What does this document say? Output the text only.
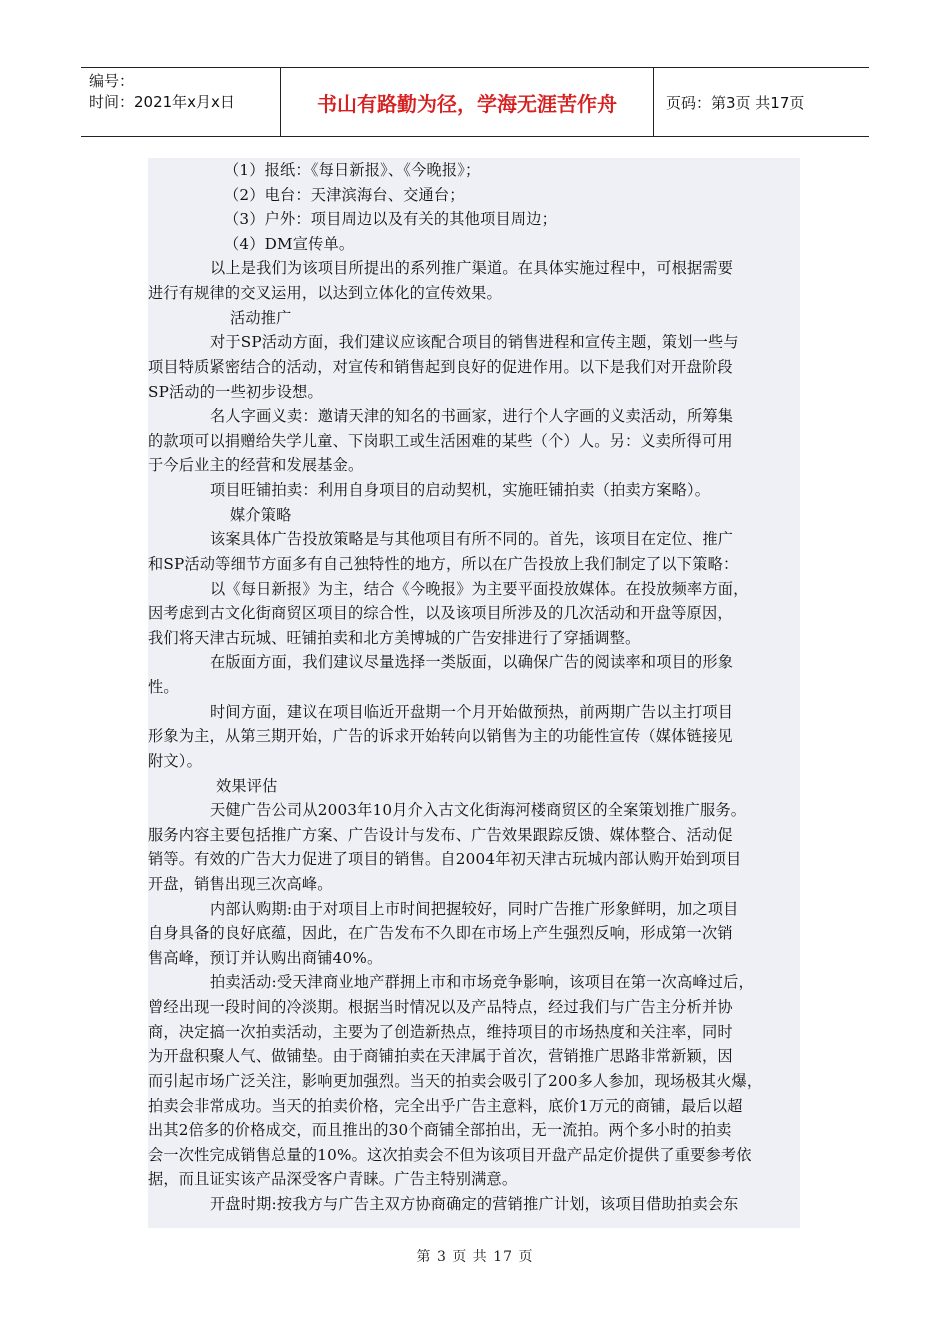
编号：
时间：2021年x月x日	书山有路勤为径，学海无涯苦作舟	页码：第3页 共17页
（1）报纸：《每日新报》、《今晚报》；
（2）电台：天津滨海台、交通台；
（3）户外：项目周边以及有关的其他项目周边；
（4）DM宣传单。
以上是我们为该项目所提出的系列推广渠道。在具体实施过程中，可根据需要
进行有规律的交叉运用，以达到立体化的宣传效果。
活动推广
对于SP活动方面，我们建议应该配合项目的销售进程和宣传主题，策划一些与
项目特质紧密结合的活动，对宣传和销售起到良好的促进作用。以下是我们对开盘阶段
SP活动的一些初步设想。
名人字画义卖：邀请天津的知名的书画家，进行个人字画的义卖活动，所筹集
的款项可以捐赠给失学儿童、下岗职工或生活困难的某些（个）人。另：义卖所得可用
于今后业主的经营和发展基金。
项目旺铺拍卖：利用自身项目的启动契机，实施旺铺拍卖（拍卖方案略）。
媒介策略
该案具体广告投放策略是与其他项目有所不同的。首先，该项目在定位、推广
和SP活动等细节方面多有自己独特性的地方，所以在广告投放上我们制定了以下策略：
以《每日新报》为主，结合《今晚报》为主要平面投放媒体。在投放频率方面，
因考虑到古文化街商贸区项目的综合性，以及该项目所涉及的几次活动和开盘等原因，
我们将天津古玩城、旺铺拍卖和北方美博城的广告安排进行了穿插调整。
在版面方面，我们建议尽量选择一类版面，以确保广告的阅读率和项目的形象
性。
时间方面，建议在项目临近开盘期一个月开始做预热，前两期广告以主打项目
形象为主，从第三期开始，广告的诉求开始转向以销售为主的功能性宣传（媒体链接见
附文）。
效果评估
天健广告公司从2003年10月介入古文化街海河楼商贸区的全案策划推广服务。
服务内容主要包括推广方案、广告设计与发布、广告效果跟踪反馈、媒体整合、活动促
销等。有效的广告大力促进了项目的销售。自2004年初天津古玩城内部认购开始到项目
开盘，销售出现三次高峰。
内部认购期:由于对项目上市时间把握较好，同时广告推广形象鲜明，加之项目
自身具备的良好底蕴，因此，在广告发布不久即在市场上产生强烈反响，形成第一次销
售高峰，预订并认购出商铺40%。
拍卖活动:受天津商业地产群拥上市和市场竞争影响，该项目在第一次高峰过后，
曾经出现一段时间的冷淡期。根据当时情况以及产品特点，经过我们与广告主分析并协
商，决定搞一次拍卖活动，主要为了创造新热点，维持项目的市场热度和关注率，同时
为开盘积聚人气、做铺垫。由于商铺拍卖在天津属于首次，营销推广思路非常新颖，因
而引起市场广泛关注，影响更加强烈。当天的拍卖会吸引了200多人参加，现场极其火爆，
拍卖会非常成功。当天的拍卖价格，完全出乎广告主意料，底价1万元的商铺，最后以超
出其2倍多的价格成交，而且推出的30个商铺全部拍出，无一流拍。两个多小时的拍卖
会一次性完成销售总量的10%。这次拍卖会不但为该项目开盘产品定价提供了重要参考依
据，而且证实该产品深受客户青睐。广告主特别满意。
开盘时期:按我方与广告主双方协商确定的营销推广计划，该项目借助拍卖会东
第 3 页 共 17 页
